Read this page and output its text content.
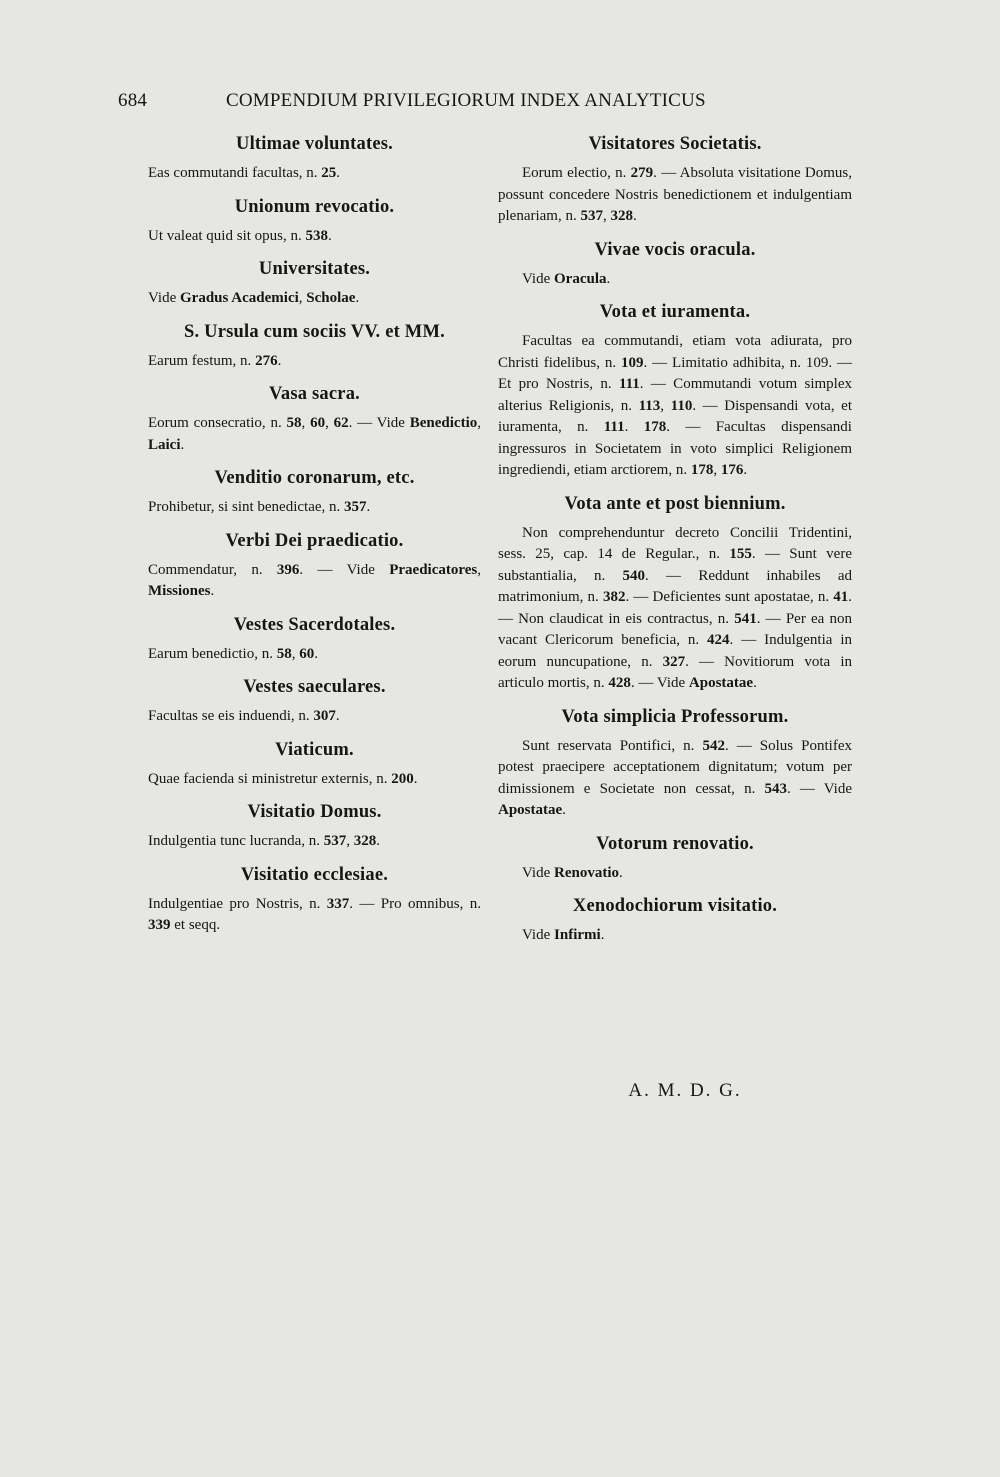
684	COMPENDIUM PRIVILEGIORUM INDEX ANALYTICUS
Ultimae voluntates.
Eas commutandi facultas, n. 25.
Unionum revocatio.
Ut valeat quid sit opus, n. 538.
Universitates.
Vide Gradus Academici, Scholae.
S. Ursula cum sociis VV. et MM.
Earum festum, n. 276.
Vasa sacra.
Eorum consecratio, n. 58, 60, 62. — Vide Benedictio, Laici.
Venditio coronarum, etc.
Prohibetur, si sint benedictae, n. 357.
Verbi Dei praedicatio.
Commendatur, n. 396. — Vide Praedicatores, Missiones.
Vestes Sacerdotales.
Earum benedictio, n. 58, 60.
Vestes saeculares.
Facultas se eis induendi, n. 307.
Viaticum.
Quae facienda si ministretur externis, n. 200.
Visitatio Domus.
Indulgentia tunc lucranda, n. 537, 328.
Visitatio ecclesiae.
Indulgentiae pro Nostris, n. 337. — Pro omnibus, n. 339 et seqq.
Visitatores Societatis.
Eorum electio, n. 279. — Absoluta visitatione Domus, possunt concedere Nostris benedictionem et indulgentiam plenariam, n. 537, 328.
Vivae vocis oracula.
Vide Oracula.
Vota et iuramenta.
Facultas ea commutandi, etiam vota adiurata, pro Christi fidelibus, n. 109. — Limitatio adhibita, n. 109. — Et pro Nostris, n. 111. — Commutandi votum simplex alterius Religionis, n. 113, 110. — Dispensandi vota, et iuramenta, n. 111. 178. — Facultas dispensandi ingressuros in Societatem in voto simplici Religionem ingrediendi, etiam arctiorem, n. 178, 176.
Vota ante et post biennium.
Non comprehenduntur decreto Concilii Tridentini, sess. 25, cap. 14 de Regular., n. 155. — Sunt vere substantialia, n. 540. — Reddunt inhabiles ad matrimonium, n. 382. — Deficientes sunt apostatae, n. 41. — Non claudicat in eis contractus, n. 541. — Per ea non vacant Clericorum beneficia, n. 424. — Indulgentia in eorum nuncupatione, n. 327. — Novitiorum vota in articulo mortis, n. 428. — Vide Apostatae.
Vota simplicia Professorum.
Sunt reservata Pontifici, n. 542. — Solus Pontifex potest praecipere acceptationem dignitatum; votum per dimissionem e Societate non cessat, n. 543. — Vide Apostatae.
Votorum renovatio.
Vide Renovatio.
Xenodochiorum visitatio.
Vide Infirmi.
A. M. D. G.
